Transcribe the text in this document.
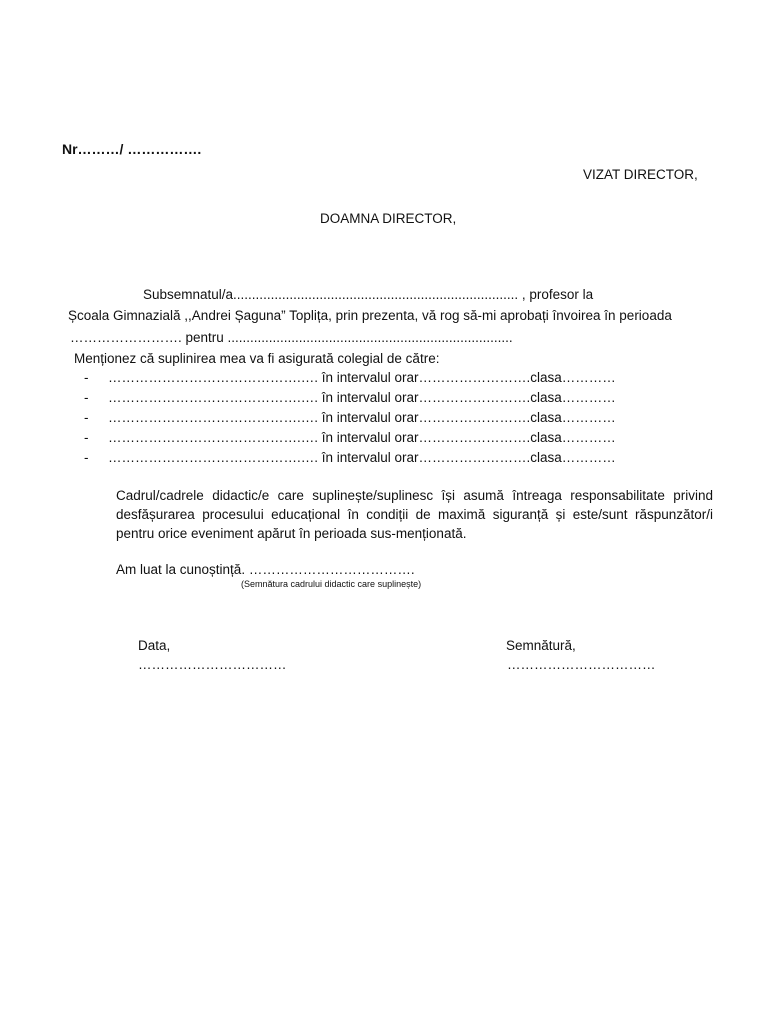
Nr………/ …………….
VIZAT DIRECTOR,
DOAMNA DIRECTOR,
Subsemnatul/a............................................................................ , profesor la
Școala Gimnazială ,,Andrei Șaguna” Toplița, prin prezenta, vă rog să-mi aprobați învoirea în perioada
……………………. pentru ............................................................................
Menționez că suplinirea mea va fi asigurată colegial de către:
- …………………………………….…. în intervalul orar…………………….clasa…………
- …………………………………….…. în intervalul orar…………………….clasa…………
- …………………………………….…. în intervalul orar…………………….clasa…………
- …………………………………….…. în intervalul orar…………………….clasa…………
- …………………………………….…. în intervalul orar…………………….clasa…………

Cadrul/cadrele didactic/e care suplinește/suplinesc își asumă întreaga responsabilitate privind desfășurarea procesului educațional în condiții de maximă siguranță și este/sunt răspunzător/i pentru orice eveniment apărut în perioada sus-menționată.

Am luat la cunoștință. ……………………………….
(Semnătura cadrului didactic care suplinește)
Data,
……………………………
Semnătură,
……………………………
